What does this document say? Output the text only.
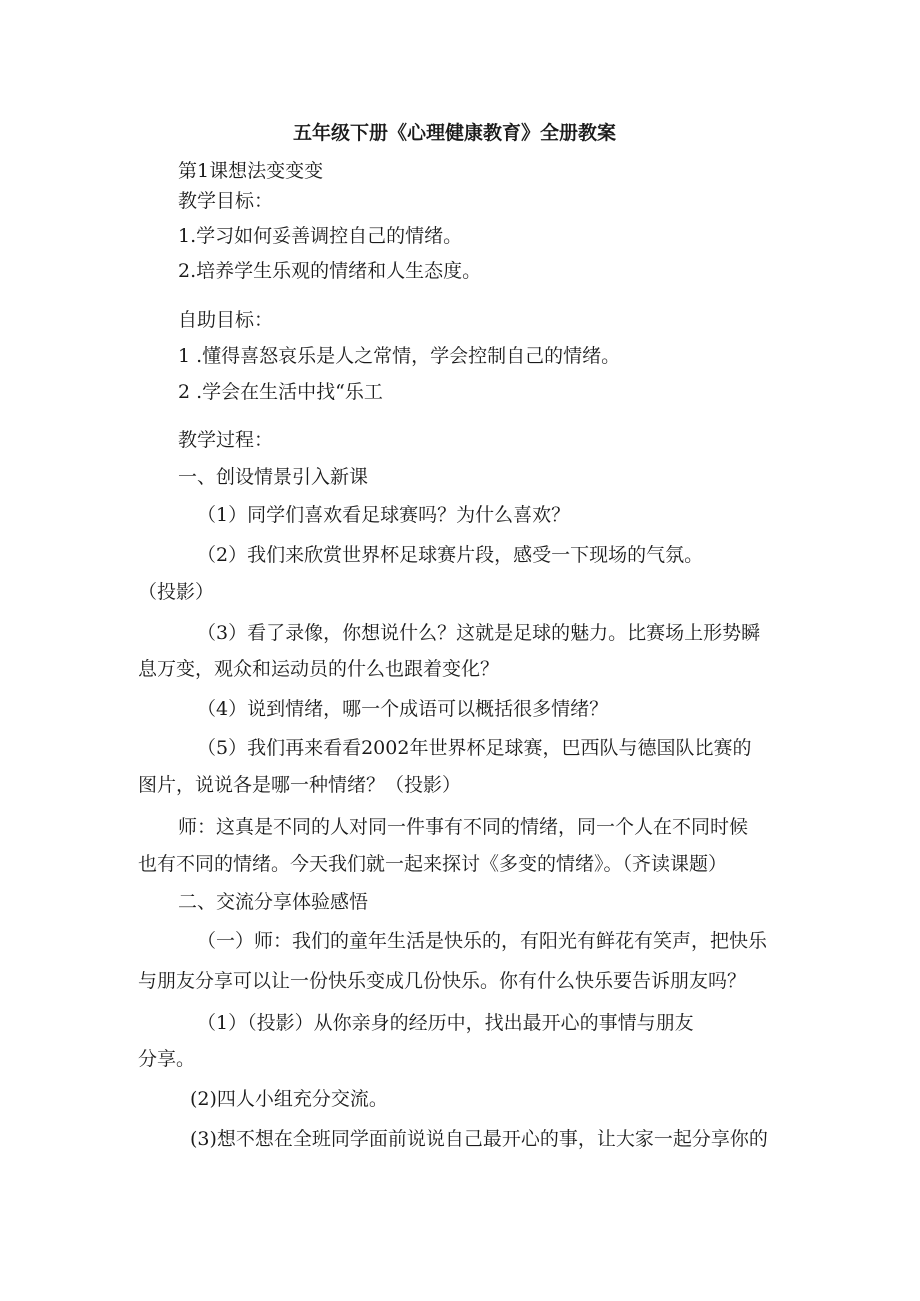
五年级下册《心理健康教育》全册教案
第1课想法变变变
教学目标：
1.学习如何妥善调控自己的情绪。
2.培养学生乐观的情绪和人生态度。
自助目标：
1 .懂得喜怒哀乐是人之常情，学会控制自己的情绪。
2 .学会在生活中找“乐工
教学过程：
一、创设情景引入新课
（1）同学们喜欢看足球赛吗？为什么喜欢？
（2）我们来欣赏世界杯足球赛片段，感受一下现场的气氛。
（投影）
（3）看了录像，你想说什么？这就是足球的魅力。比赛场上形势瞬
息万变，观众和运动员的什么也跟着变化？
（4）说到情绪，哪一个成语可以概括很多情绪？
（5）我们再来看看2002年世界杯足球赛，巴西队与德国队比赛的
图片，说说各是哪一种情绪？（投影）
师：这真是不同的人对同一件事有不同的情绪，同一个人在不同时候
也有不同的情绪。今天我们就一起来探讨《多变的情绪》。（齐读课题）
二、交流分享体验感悟
（一）师：我们的童年生活是快乐的，有阳光有鲜花有笑声，把快乐
与朋友分享可以让一份快乐变成几份快乐。你有什么快乐要告诉朋友吗？
（1）（投影）从你亲身的经历中，找出最开心的事情与朋友
分享。
(2)四人小组充分交流。
(3)想不想在全班同学面前说说自己最开心的事，让大家一起分享你的
